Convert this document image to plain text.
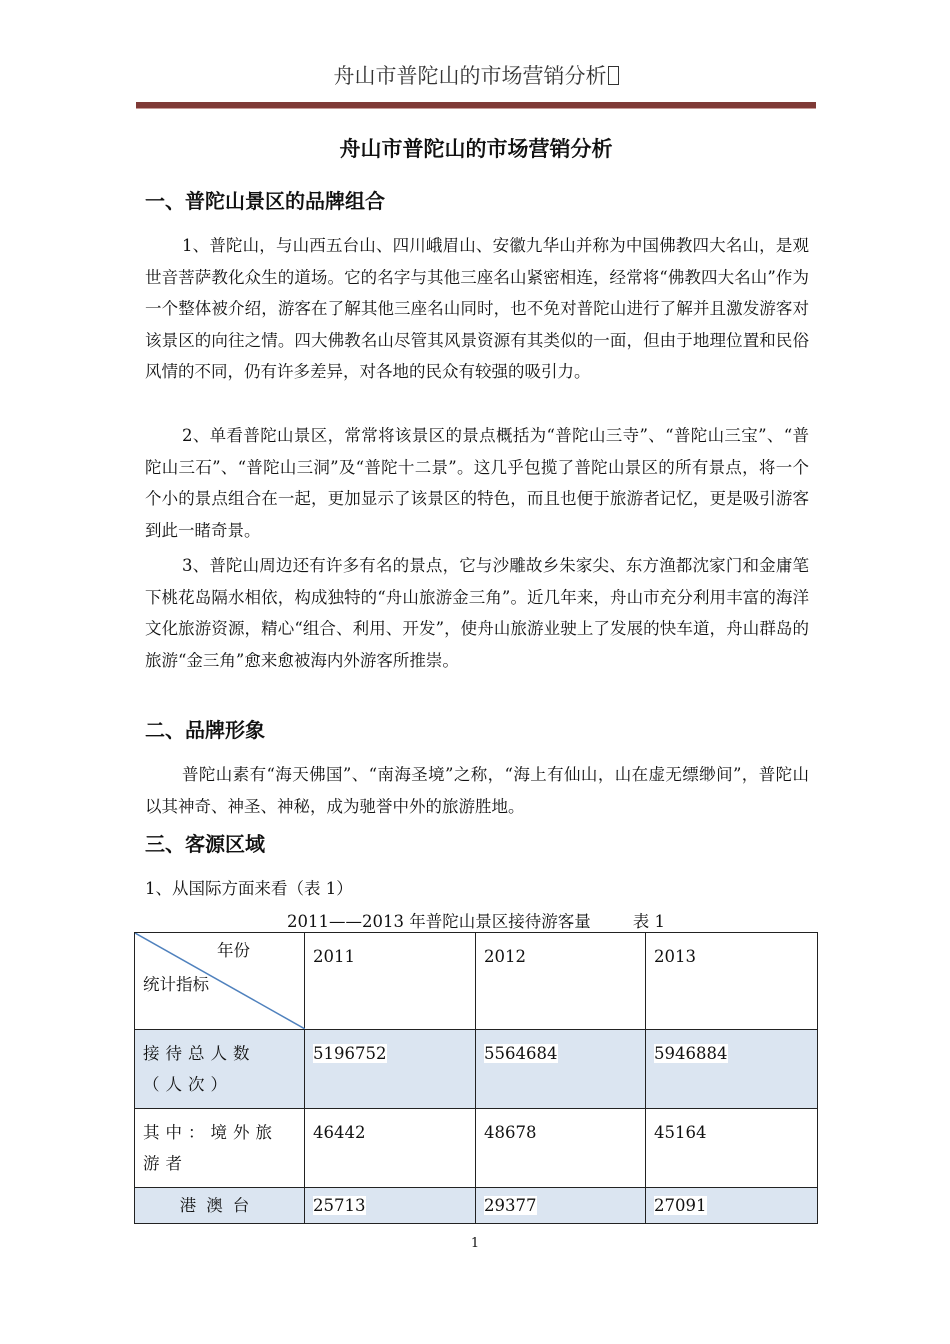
舟山市普陀山的市场营销分析
舟山市普陀山的市场营销分析
一、普陀山景区的品牌组合
1、普陀山，与山西五台山、四川峨眉山、安徽九华山并称为中国佛教四大名山，是观世音菩萨教化众生的道场。它的名字与其他三座名山紧密相连，经常将“佛教四大名山”作为一个整体被介绍，游客在了解其他三座名山同时，也不免对普陀山进行了解并且激发游客对该景区的向往之情。四大佛教名山尽管其风景资源有其类似的一面，但由于地理位置和民俗风情的不同，仍有许多差异，对各地的民众有较强的吸引力。
2、单看普陀山景区，常常将该景区的景点概括为“普陀山三寺”、“普陀山三宝”、“普陀山三石”、“普陀山三洞”及“普陀十二景”。这几乎包揽了普陀山景区的所有景点，将一个个小的景点组合在一起，更加显示了该景区的特色，而且也便于旅游者记忆，更是吸引游客到此一睹奇景。
3、普陀山周边还有许多有名的景点，它与沙雕故乡朱家尖、东方渔都沈家门和金庸笔下桃花岛隔水相依，构成独特的“舟山旅游金三角”。近几年来，舟山市充分利用丰富的海洋文化旅游资源，精心“组合、利用、开发”，使舟山旅游业驶上了发展的快车道，舟山群岛的旅游“金三角”愈来愈被海内外游客所推崇。
二、品牌形象
普陀山素有“海天佛国”、“南海圣境”之称，“海上有仙山，山在虚无缥缈间”，普陀山以其神奇、神圣、神秘，成为驰誉中外的旅游胜地。
三、客源区域
1、从国际方面来看（表 1）
2011——2013 年普陀山景区接待游客量        表 1
年份
统计指标	2011	2012	2013
接待总人数（人次）	5196752	5564684	5946884
其中：境外旅游者	46442	48678	45164
港澳台	25713	29377	27091
1
